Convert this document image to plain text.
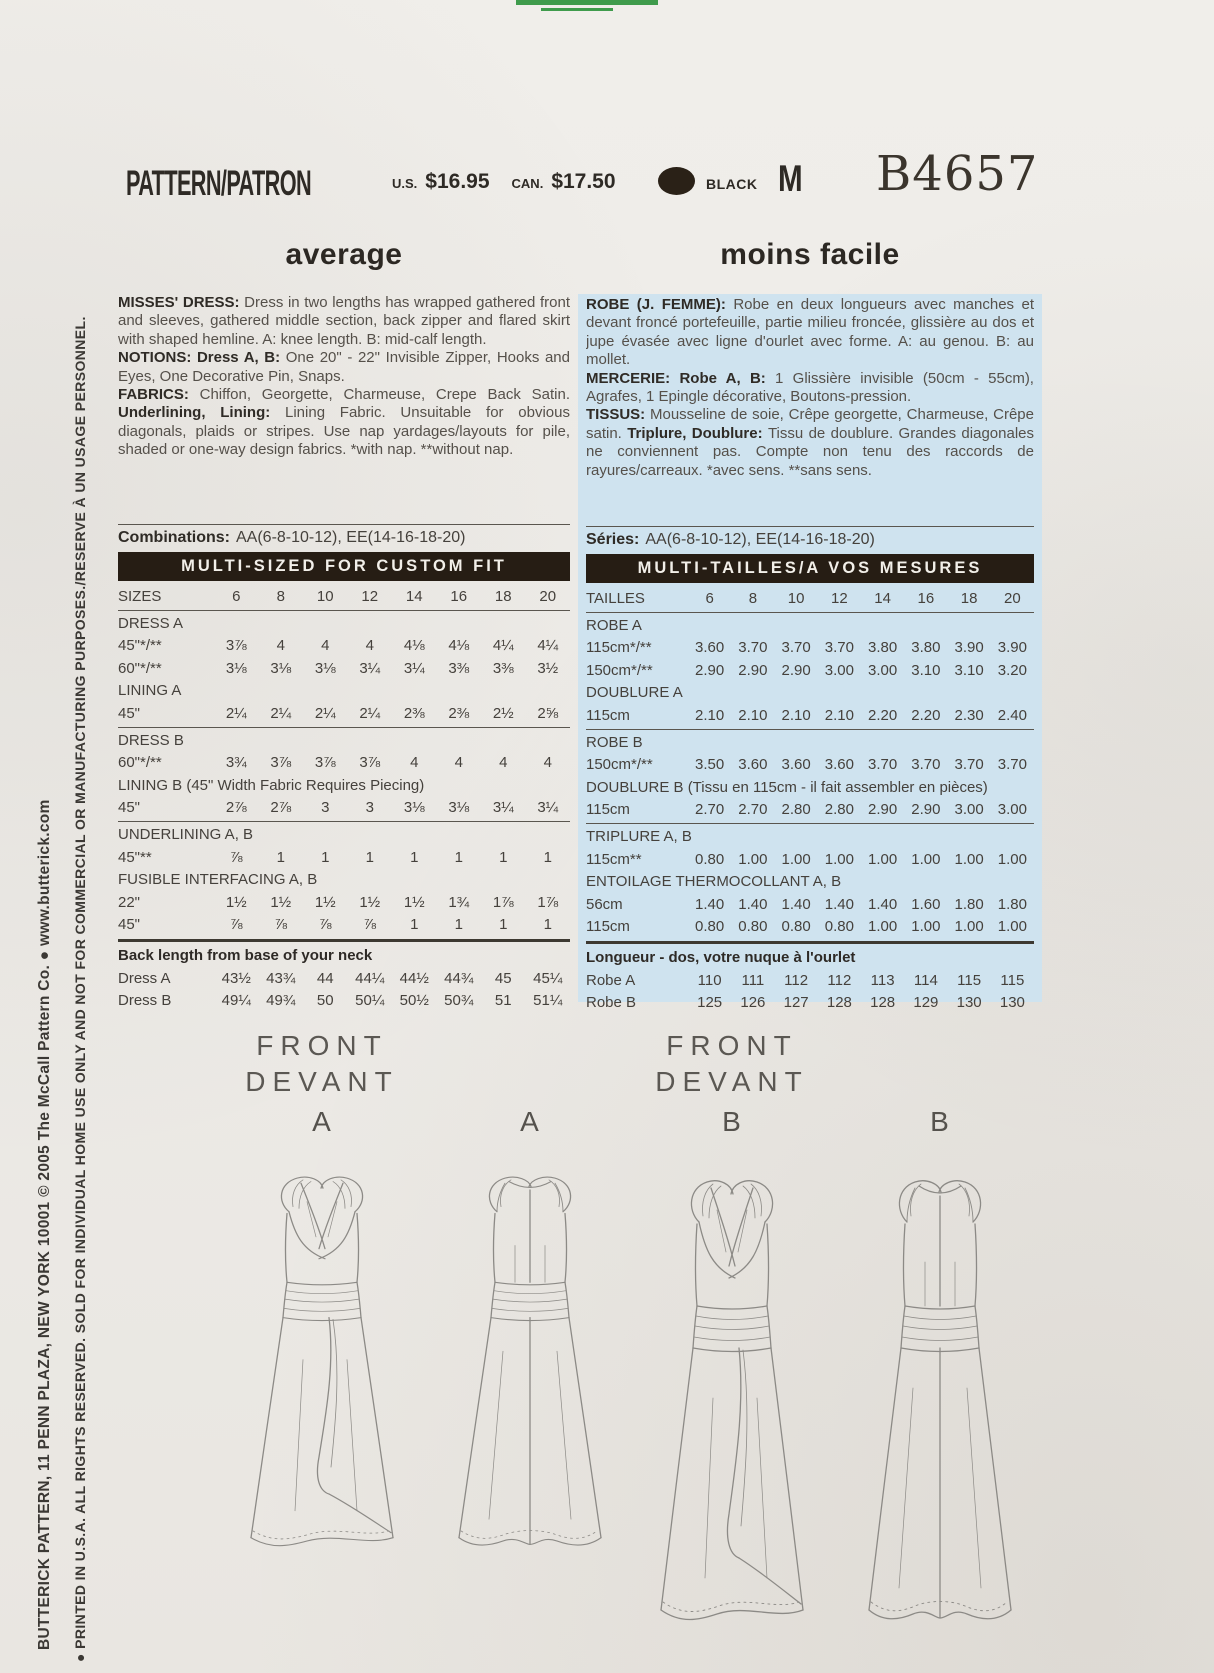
BUTTERICK PATTERN, 11 PENN PLAZA, NEW YORK 10001 © 2005 The McCall Pattern Co. ● www.butterick.com ● PRINTED IN U.S.A. ALL RIGHTS RESERVED. SOLD FOR INDIVIDUAL HOME USE ONLY AND NOT FOR COMMERCIAL OR MANUFACTURING PURPOSES./RESERVE À UN USAGE PERSONNEL.
PATTERN/PATRON	U.S. $16.95 CAN. $17.50	BLACK M B4657
average	moins facile

MISSES' DRESS: Dress in two lengths has wrapped gathered front and sleeves, gathered middle section, back zipper and flared skirt with shaped hemline. A: knee length. B: mid-calf length.

NOTIONS: Dress A, B: One 20" - 22" Invisible Zipper, Hooks and Eyes, One Decorative Pin, Snaps.

FABRICS: Chiffon, Georgette, Charmeuse, Crepe Back Satin. Underlining, Lining: Lining Fabric. Unsuitable for obvious diagonals, plaids or stripes. Use nap yardages/layouts for pile, shaded or one-way design fabrics. *with nap. **without nap.

Combinations: AA(6-8-10-12), EE(14-16-18-20)
MULTI-SIZED FOR CUSTOM FIT
SIZES	6	8	10	12	14	16	18	20
DRESS A
45"*/**	3⅞	4	4	4	4⅛	4⅛	4¼	4¼
60"*/**	3⅛	3⅛	3⅛	3¼	3¼	3⅜	3⅜	3½
LINING A
45"	2¼	2¼	2¼	2¼	2⅜	2⅜	2½	2⅝
DRESS B
60"*/**	3¾	3⅞	3⅞	3⅞	4	4	4	4
LINING B (45" Width Fabric Requires Piecing)
45"	2⅞	2⅞	3	3	3⅛	3⅛	3¼	3¼
UNDERLINING A, B
45"**	⅞	1	1	1	1	1	1	1
FUSIBLE INTERFACING A, B
22"	1½	1½	1½	1½	1½	1¾	1⅞	1⅞
45"	⅞	⅞	⅞	⅞	1	1	1	1
Back length from base of your neck
Dress A	43½	43¾	44	44¼	44½	44¾	45	45¼
Dress B	49¼	49¾	50	50¼	50½	50¾	51	51¼

ROBE (J. FEMME): Robe en deux longueurs avec manches et devant froncé portefeuille, partie milieu froncée, glissière au dos et jupe évasée avec ligne d'ourlet avec forme. A: au genou. B: au mollet.

MERCERIE: Robe A, B: 1 Glissière invisible (50cm - 55cm), Agrafes, 1 Epingle décorative, Boutons-pression.

TISSUS: Mousseline de soie, Crêpe georgette, Charmeuse, Crêpe satin. Triplure, Doublure: Tissu de doublure. Grandes diagonales ne conviennent pas. Compte non tenu des raccords de rayures/carreaux. *avec sens. **sans sens.

Séries: AA(6-8-10-12), EE(14-16-18-20)
MULTI-TAILLES/A VOS MESURES
TAILLES	6	8	10	12	14	16	18	20
ROBE A
115cm*/**	3.60 3.70 3.70 3.70 3.80 3.80 3.90 3.90
150cm*/**	2.90 2.90 2.90 3.00 3.00 3.10 3.10 3.20
DOUBLURE A
115cm	2.10 2.10 2.10 2.10 2.20 2.20 2.30 2.40
ROBE B
150cm*/**	3.50 3.60 3.60 3.60 3.70 3.70 3.70 3.70
DOUBLURE B (Tissu en 115cm - il fait assembler en pièces)
115cm	2.70 2.70 2.80 2.80 2.90 2.90 3.00 3.00
TRIPLURE A, B
115cm**	0.80 1.00 1.00 1.00 1.00 1.00 1.00 1.00
ENTOILAGE THERMOCOLLANT A, B
56cm	1.40 1.40 1.40 1.40 1.40 1.60 1.80 1.80
115cm	0.80 0.80 0.80 0.80 1.00 1.00 1.00 1.00
Longueur - dos, votre nuque à l'ourlet
Robe A	110	111	112	112	113	114	115	115
Robe B	125	126	127	128	128	129	130	130
FRONT
DEVANT
FRONT
DEVANT
A	A	B	B
